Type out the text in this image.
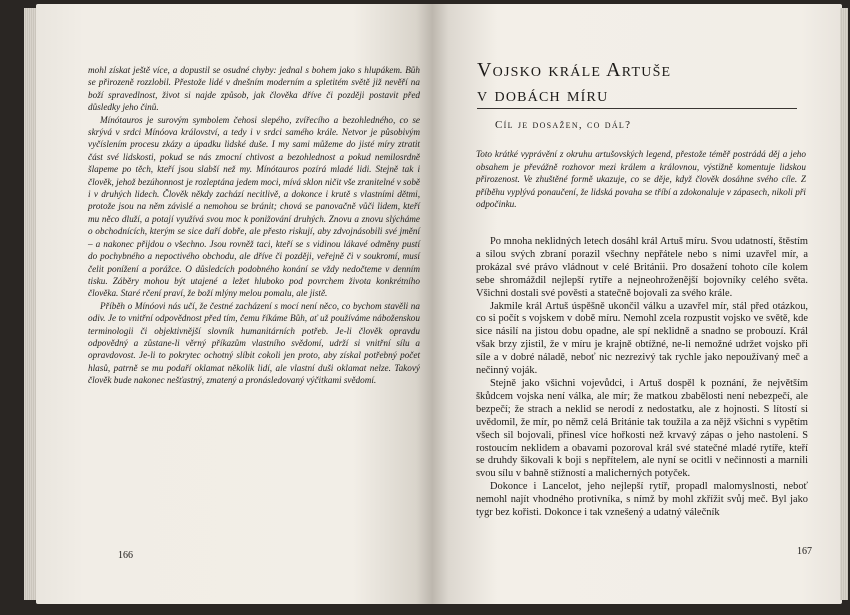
mohl získat ještě více, a dopustil se osudné chyby: jednal s bohem jako s hlupákem. Bůh se přirozeně rozzlobil. Přestože lidé v dnešním moderním a spletitém světě již nevěří na boží spravedlnost, život si najde způsob, jak člověka dříve či později postavit před důsledky jeho činů.

Mínótauros je surovým symbolem čehosi slepého, zvířecího a bezohledného, co se skrývá v srdci Mínóova království, a tedy i v srdci samého krále. Netvor je působivým vyčíslením procesu zkázy a úpadku lidské duše. I my sami můžeme do jisté míry ztratit část své lidskosti, pokud se nás zmocní chtivost a bezohlednost a pokud nemilosrdně šlapeme po těch, kteří jsou slabší než my. Mínótauros pozírá mladé lidi. Stejně tak i člověk, jehož bezúhonnost je rozleptána jedem moci, mívá sklon ničit vše zranitelné v sobě i v druhých lidech. Člověk někdy zachází necitlivě, a dokonce i krutě s vlastními dětmi, protože jsou na něm závislé a nemohou se bránit; chová se panovačně vůči lidem, kteří mu něco dluží, a potají využívá svou moc k ponižování druhých. Znovu a znovu slýcháme o obchodnících, kterým se sice daří dobře, ale přesto riskují, aby zdvojnásobili své jmění – a nakonec přijdou o všechno. Jsou rovněž taci, kteří se s vidinou lákavé odměny pustí do pochybného a nepoctivého obchodu, ale dříve či později, veřejně či v soukromí, musí čelit ponížení a porážce. O důsledcích podobného konání se vždy nedočteme v denním tisku. Záběry mohou být utajené a ležet hluboko pod povrchem života konkrétního člověka. Staré rčení praví, že boží mlýny melou pomalu, ale jistě.

Příběh o Mínóovi nás učí, že čestné zacházení s mocí není něco, co bychom stavěli na odiv. Je to vnitřní odpovědnost před tím, čemu říkáme Bůh, ať už používáme náboženskou terminologii či objektivnější slovník humanitárních potřeb. Je-li člověk opravdu odpovědný a zůstane-li věrný příkazům vlastního svědomí, udrží si vnitřní sílu a opravdovost. Je-li to pokrytec ochotný slíbit cokoli jen proto, aby získal potřebný počet hlasů, patrně se mu podaří oklamat několik lidí, ale vlastní duši oklamat nelze. Takový člověk bude nakonec nešťastný, zmatený a pronásledovaný výčitkami svědomí.

166
Vojsko krále Artuše
v dobách míru
Cíl je dosažen, co dál?
Toto krátké vyprávění z okruhu artušovských legend, přestože téměř postrádá děj a jeho obsahem je převážně rozhovor mezi králem a královnou, výstižně komentuje lidskou přirozenost. Ve zhuštěné formě ukazuje, co se děje, když člověk dosáhne svého cíle. Z příběhu vyplývá ponaučení, že lidská povaha se tříbí a zdokonaluje v zápasech, nikoli při odpočinku.

Po mnoha neklidných letech dosáhl král Artuš míru. Svou udatností, štěstím a silou svých zbraní porazil všechny nepřátele nebo s nimi uzavřel mír, a prokázal své právo vládnout v celé Británii. Pro dosažení tohoto cíle kolem sebe shromáždil nejlepší rytíře a nejneohroženější bojovníky celého světa. Všichni dostali své pověsti a statečně bojovali za svého krále.

Jakmile král Artuš úspěšně ukončil válku a uzavřel mír, stál před otázkou, co si počít s vojskem v době míru. Nemohl zcela rozpustit vojsko ve světě, kde sice násilí na jistou dobu opadne, ale spí neklidně a snadno se probouzí. Král však brzy zjistil, že v míru je krajně obtížné, ne-li nemožné udržet vojsko při síle a v dobré náladě, neboť nic nezrezivý tak rychle jako nepoužívaný meč a nečinný voják.

Stejně jako všichni vojevůdci, i Artuš dospěl k poznání, že největším škůdcem vojska není válka, ale mír; že matkou zbabělosti není nebezpečí, ale bezpečí; že strach a neklid se nerodí z nedostatku, ale z hojnosti. S lítostí si uvědomil, že mír, po němž celá Británie tak toužila a za nějž všichni s vypětím všech sil bojovali, přinesl více hořkosti než krvavý zápas o jeho nastolení. S rostoucím neklidem a obavami pozoroval král své statečné mladé rytíře, kteří se druhdy šikovali k boji s nepřítelem, ale nyní se ocitli v nečinnosti a marnili svou sílu v bahně stížností a malicherných potyček.

Dokonce i Lancelot, jeho nejlepší rytíř, propadl malomyslnosti, neboť nemohl najít vhodného protivníka, s nímž by mohl zkřížit svůj meč. Byl jako tygr bez kořisti. Dokonce i tak vznešený a udatný válečník

167
